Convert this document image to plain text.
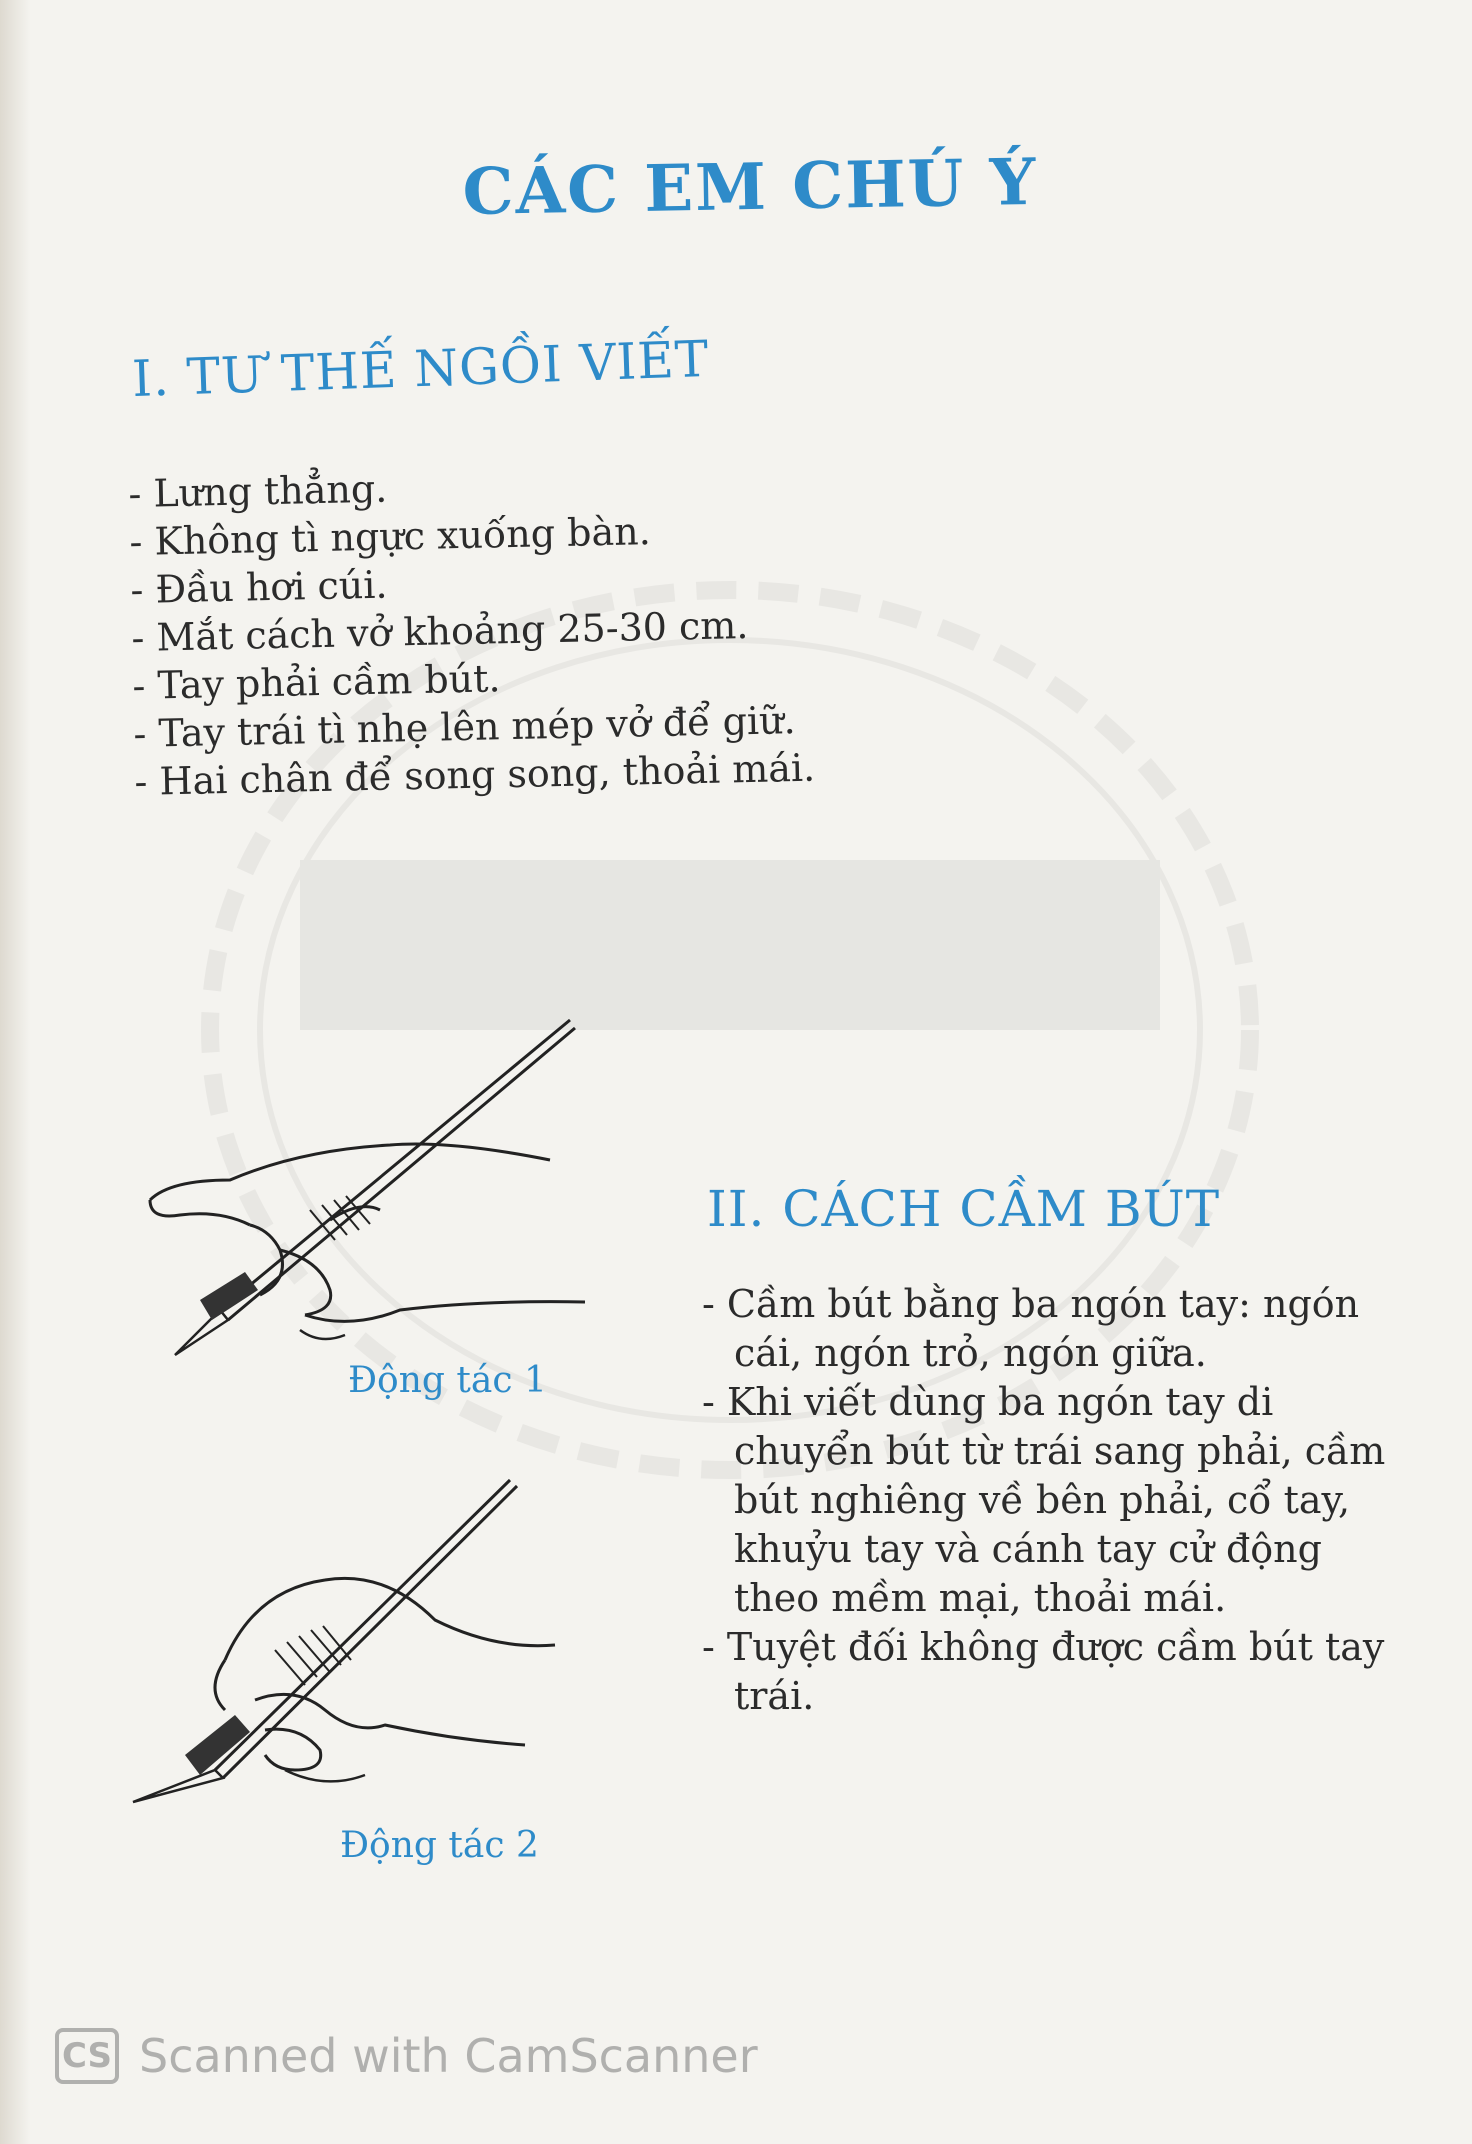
CÁC EM CHÚ Ý
I. TƯ THẾ NGỒI VIẾT
- Lưng thẳng.
- Không tì ngực xuống bàn.
- Đầu hơi cúi.
- Mắt cách vở khoảng 25-30 cm.
- Tay phải cầm bút.
- Tay trái tì nhẹ lên mép vở để giữ.
- Hai chân để song song, thoải mái.
Động tác 1
Động tác 2
II. CÁCH CẦM BÚT
- Cầm bút bằng ba ngón tay: ngón cái, ngón trỏ, ngón giữa.
- Khi viết dùng ba ngón tay di chuyển bút từ trái sang phải, cầm bút nghiêng về bên phải, cổ tay, khuỷu tay và cánh tay cử động theo mềm mại, thoải mái.
- Tuyệt đối không được cầm bút tay trái.
CS Scanned with CamScanner
